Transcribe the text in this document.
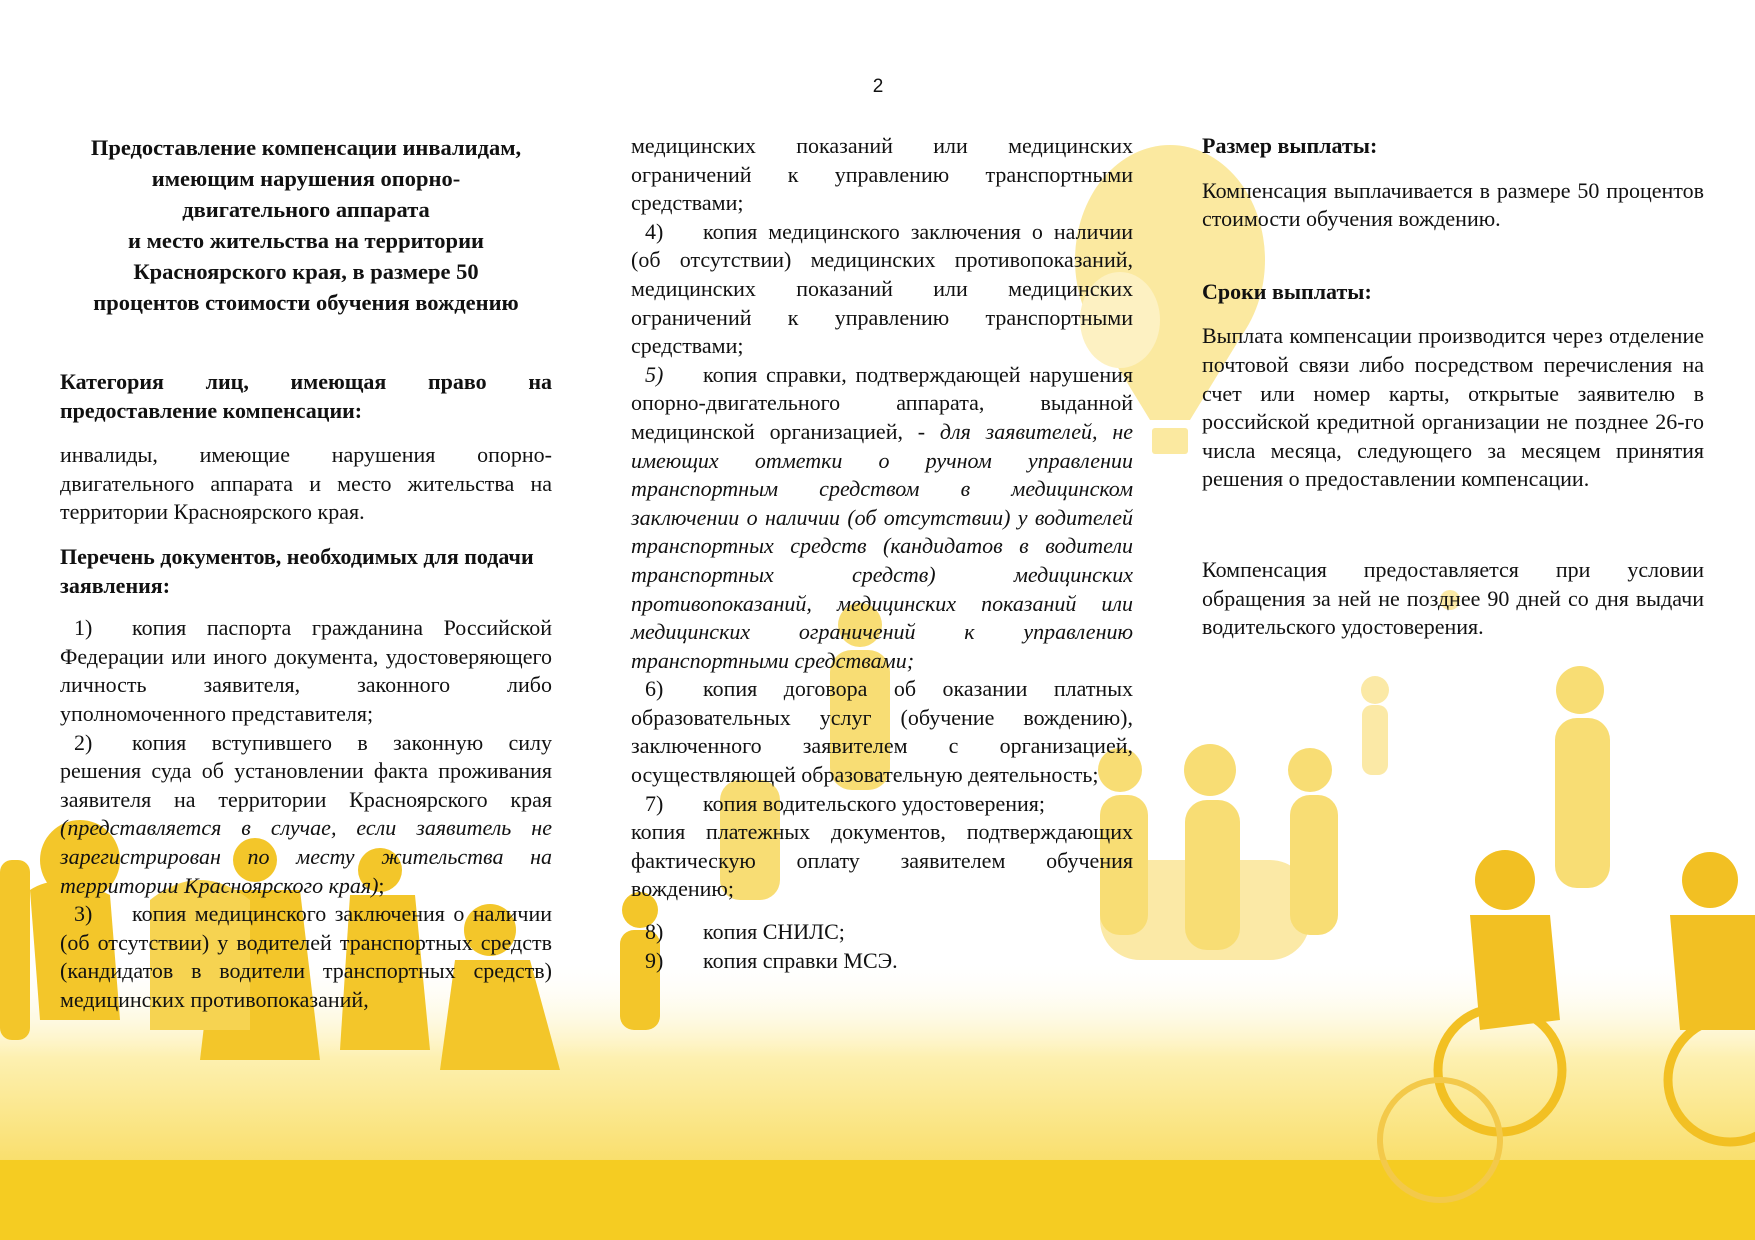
2

Предоставление компенсации инвалидам,

имеющим нарушения опорно-

двигательного аппарата

и место жительства на территории

Красноярского края, в размере 50

процентов стоимости обучения вождению

Категория лиц, имеющая право на предоставление компенсации:

инвалиды, имеющие нарушения опорно-двигательного аппарата и место жительства на территории Красноярского края.

Перечень документов, необходимых для подачи заявления:

1) копия паспорта гражданина Российской Федерации или иного документа, удостоверяющего личность заявителя, законного либо уполномоченного представителя;
2) копия вступившего в законную силу решения суда об установлении факта проживания заявителя на территории Красноярского края (представляется в случае, если заявитель не зарегистрирован по месту жительства на территории Красноярского края);
3) копия медицинского заключения о наличии (об отсутствии) у водителей транспортных средств (кандидатов в водители транспортных средств) медицинских противопоказаний,

медицинских показаний или медицинских ограничений к управлению транспортными средствами;

4) копия медицинского заключения о наличии (об отсутствии) медицинских противопоказаний, медицинских показаний или медицинских ограничений к управлению транспортными средствами;
5) копия справки, подтверждающей нарушения опорно-двигательного аппарата, выданной медицинской организацией, - для заявителей, не имеющих отметки о ручном управлении транспортным средством в медицинском заключении о наличии (об отсутствии) у водителей транспортных средств (кандидатов в водители транспортных средств) медицинских противопоказаний, медицинских показаний или медицинских ограничений к управлению транспортными средствами;
6) копия договора об оказании платных образовательных услуг (обучение вождению), заключенного заявителем с организацией, осуществляющей образовательную деятельность;
7) копия водительского удостоверения;

копия платежных документов, подтверждающих фактическую оплату заявителем обучения вождению;

8) копия СНИЛС;
9) копия справки МСЭ.

Размер выплаты:

Компенсация выплачивается в размере 50 процентов стоимости обучения вождению.

Сроки выплаты:

Выплата компенсации производится через отделение почтовой связи либо посредством перечисления на счет или номер карты, открытые заявителю в российской кредитной организации не позднее 26-го числа месяца, следующего за месяцем принятия решения о предоставлении компенсации.

Компенсация предоставляется при условии обращения за ней не позднее 90 дней со дня выдачи водительского удостоверения.
